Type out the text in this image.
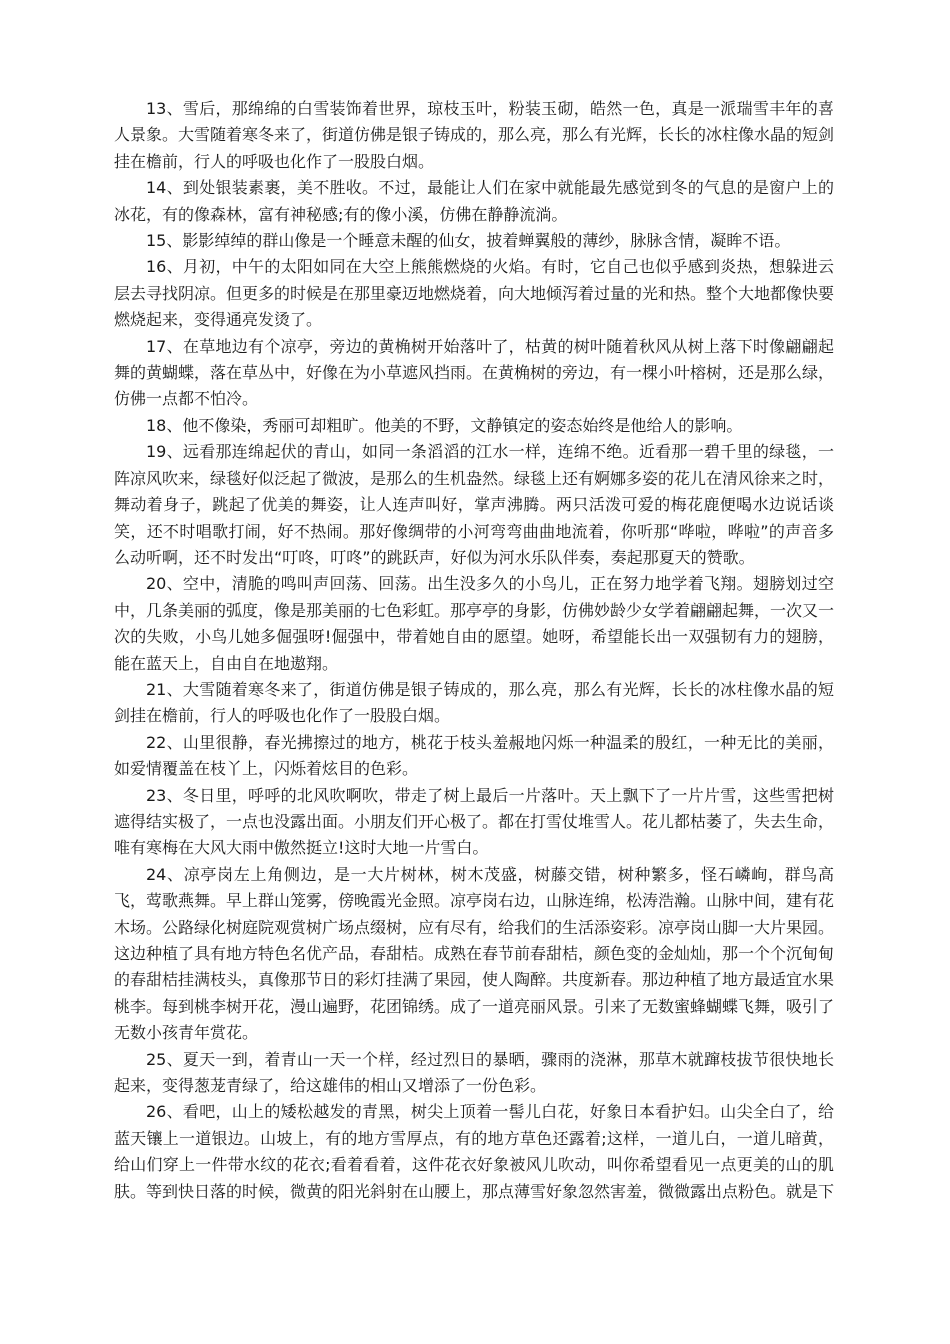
13、雪后，那绵绵的白雪装饰着世界，琼枝玉叶，粉装玉砌，皓然一色，真是一派瑞雪丰年的喜人景象。大雪随着寒冬来了，街道仿佛是银子铸成的，那么亮，那么有光辉，长长的冰柱像水晶的短剑挂在檐前，行人的呼吸也化作了一股股白烟。

14、到处银装素裹，美不胜收。不过，最能让人们在家中就能最先感觉到冬的气息的是窗户上的冰花，有的像森林，富有神秘感;有的像小溪，仿佛在静静流淌。

15、影影绰绰的群山像是一个睡意未醒的仙女，披着蝉翼般的薄纱，脉脉含情，凝眸不语。

16、月初，中午的太阳如同在大空上熊熊燃烧的火焰。有时，它自己也似乎感到炎热，想躲进云层去寻找阴凉。但更多的时候是在那里豪迈地燃烧着，向大地倾泻着过量的光和热。整个大地都像快要燃烧起来，变得通亮发烫了。

17、在草地边有个凉亭，旁边的黄桷树开始落叶了，枯黄的树叶随着秋风从树上落下时像翩翩起舞的黄蝴蝶，落在草丛中，好像在为小草遮风挡雨。在黄桷树的旁边，有一棵小叶榕树，还是那么绿，仿佛一点都不怕冷。

18、他不像染，秀丽可却粗旷。他美的不野，文静镇定的姿态始终是他给人的影响。

19、远看那连绵起伏的青山，如同一条滔滔的江水一样，连绵不绝。近看那一碧千里的绿毯，一阵凉风吹来，绿毯好似泛起了微波，是那么的生机盎然。绿毯上还有婀娜多姿的花儿在清风徐来之时，舞动着身子，跳起了优美的舞姿，让人连声叫好，掌声沸腾。两只活泼可爱的梅花鹿便喝水边说话谈笑，还不时唱歌打闹，好不热闹。那好像绸带的小河弯弯曲曲地流着，你听那“哗啦，哗啦”的声音多么动听啊，还不时发出“叮咚，叮咚”的跳跃声，好似为河水乐队伴奏，奏起那夏天的赞歌。

20、空中，清脆的鸣叫声回荡、回荡。出生没多久的小鸟儿，正在努力地学着飞翔。翅膀划过空中，几条美丽的弧度，像是那美丽的七色彩虹。那亭亭的身影，仿佛妙龄少女学着翩翩起舞，一次又一次的失败，小鸟儿她多倔强呀!倔强中，带着她自由的愿望。她呀，希望能长出一双强韧有力的翅膀，能在蓝天上，自由自在地遨翔。

21、大雪随着寒冬来了，街道仿佛是银子铸成的，那么亮，那么有光辉，长长的冰柱像水晶的短剑挂在檐前，行人的呼吸也化作了一股股白烟。

22、山里很静，春光拂擦过的地方，桃花于枝头羞赧地闪烁一种温柔的殷红，一种无比的美丽，如爱情覆盖在枝丫上，闪烁着炫目的色彩。

23、冬日里，呼呼的北风吹啊吹，带走了树上最后一片落叶。天上飘下了一片片雪，这些雪把树遮得结实极了，一点也没露出面。小朋友们开心极了。都在打雪仗堆雪人。花儿都枯萎了，失去生命，唯有寒梅在大风大雨中傲然挺立!这时大地一片雪白。

24、凉亭岗左上角侧边，是一大片树林，树木茂盛，树藤交错，树种繁多，怪石嶙峋，群鸟高飞，莺歌燕舞。早上群山笼雾，傍晚霞光金照。凉亭岗右边，山脉连绵，松涛浩瀚。山脉中间，建有花木场。公路绿化树庭院观赏树广场点缀树，应有尽有，给我们的生活添姿彩。凉亭岗山脚一大片果园。这边种植了具有地方特色名优产品，春甜桔。成熟在春节前春甜桔，颜色变的金灿灿，那一个个沉甸甸的春甜桔挂满枝头，真像那节日的彩灯挂满了果园，使人陶醉。共度新春。那边种植了地方最适宜水果桃李。每到桃李树开花，漫山遍野，花团锦绣。成了一道亮丽风景。引来了无数蜜蜂蝴蝶飞舞，吸引了无数小孩青年赏花。

25、夏天一到，着青山一天一个样，经过烈日的暴晒，骤雨的浇淋，那草木就蹿枝拔节很快地长起来，变得葱茏青绿了，给这雄伟的相山又增添了一份色彩。

26、看吧，山上的矮松越发的青黑，树尖上顶着一髻儿白花，好象日本看护妇。山尖全白了，给蓝天镶上一道银边。山坡上，有的地方雪厚点，有的地方草色还露着;这样，一道儿白，一道儿暗黄，给山们穿上一件带水纹的花衣;看着看着，这件花衣好象被风儿吹动，叫你希望看见一点更美的山的肌肤。等到快日落的时候，微黄的阳光斜射在山腰上，那点薄雪好象忽然害羞，微微露出点粉色。就是下
